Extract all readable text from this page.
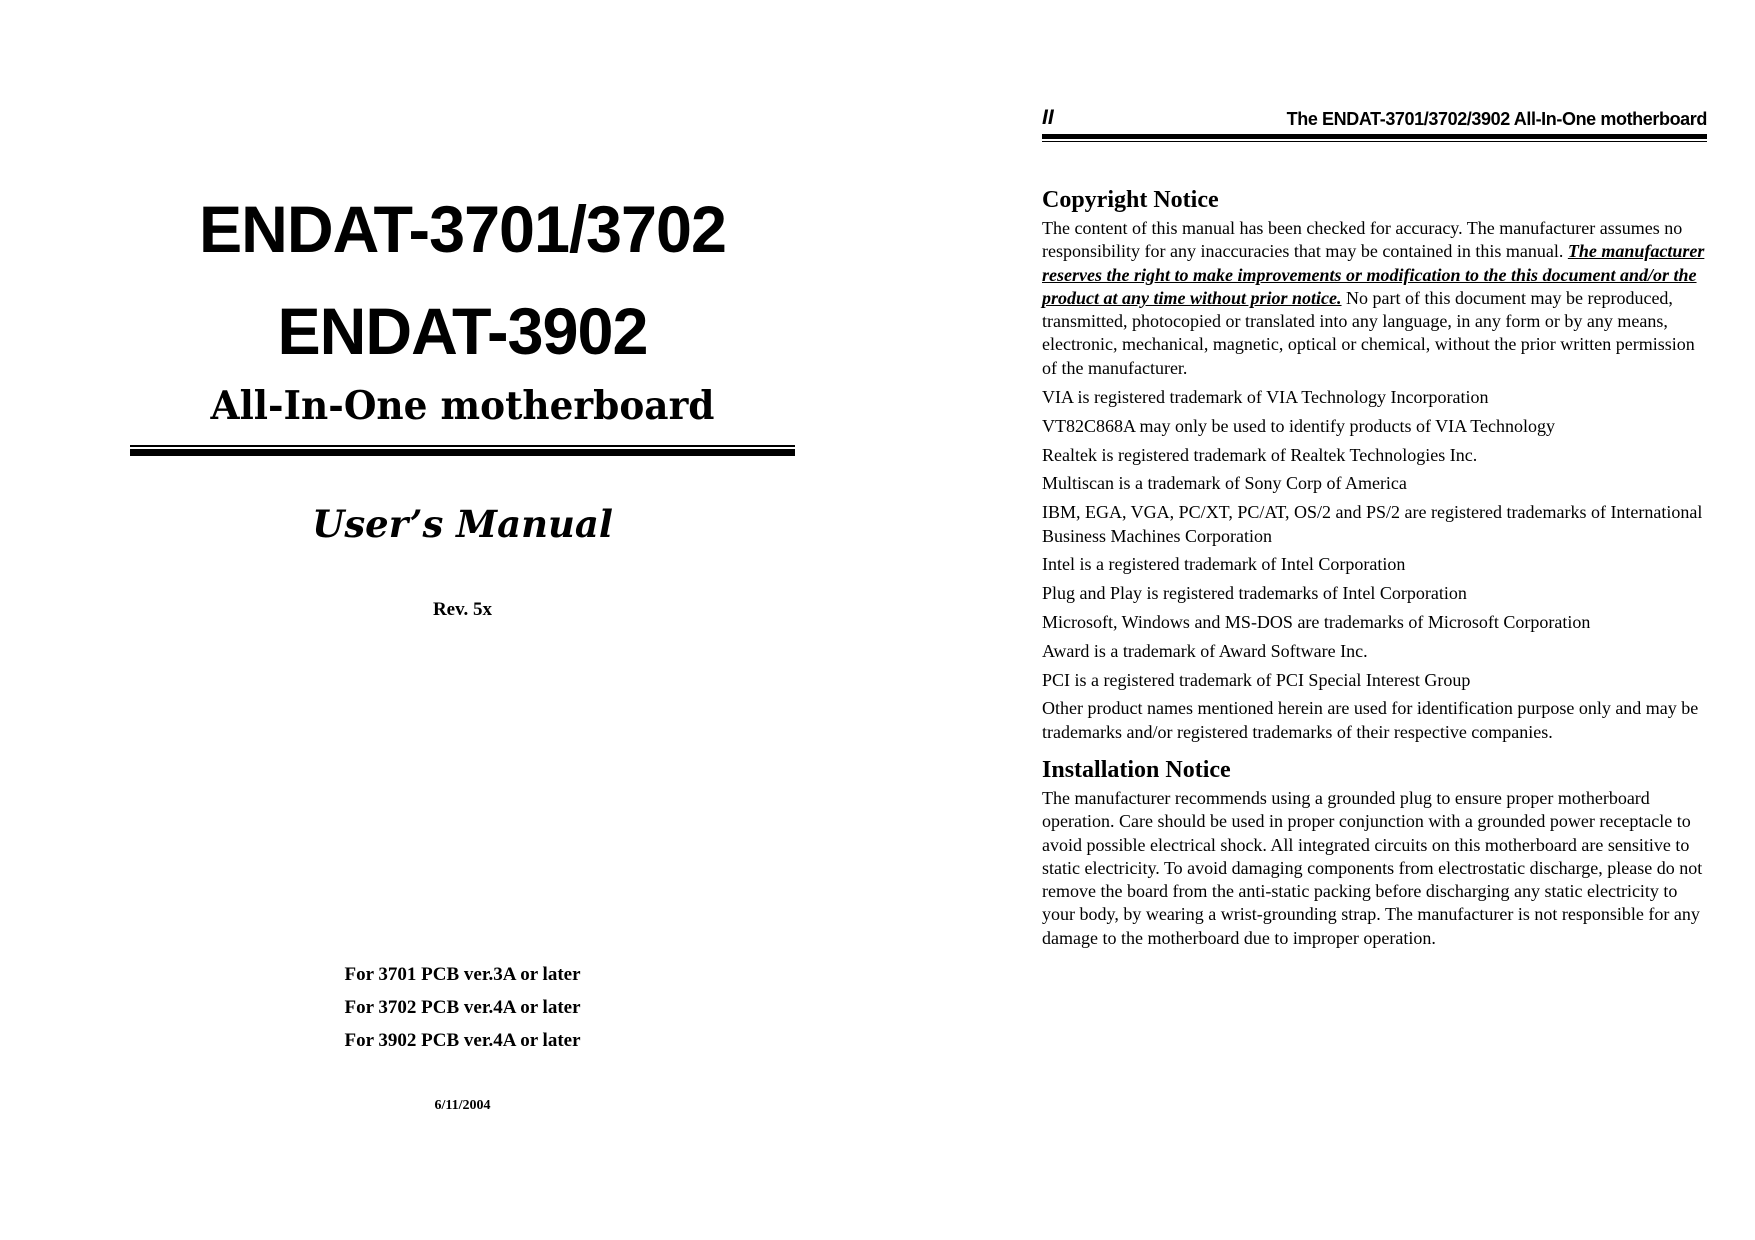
ENDAT-3701/3702
ENDAT-3902
All-In-One motherboard
User’s Manual
Rev. 5x
For 3701 PCB ver.3A or later
For 3702 PCB ver.4A or later
For 3902 PCB ver.4A or later
6/11/2004
II	The ENDAT-3701/3702/3902 All-In-One motherboard
Copyright Notice

The content of this manual has been checked for accuracy. The manufacturer assumes no responsibility for any inaccuracies that may be contained in this manual. The manufacturer reserves the right to make improvements or modification to the this document and/or the product at any time without prior notice. No part of this document may be reproduced, transmitted, photocopied or translated into any language, in any form or by any means, electronic, mechanical, magnetic, optical or chemical, without the prior written permission of the manufacturer.

VIA is registered trademark of VIA Technology Incorporation

VT82C868A may only be used to identify products of VIA Technology

Realtek is registered trademark of Realtek Technologies Inc.

Multiscan is a trademark of Sony Corp of America

IBM, EGA, VGA, PC/XT, PC/AT, OS/2 and PS/2 are registered trademarks of International Business Machines Corporation

Intel is a registered trademark of Intel Corporation

Plug and Play is registered trademarks of Intel Corporation

Microsoft, Windows and MS-DOS are trademarks of Microsoft Corporation

Award is a trademark of Award Software Inc.

PCI is a registered trademark of PCI Special Interest Group

Other product names mentioned herein are used for identification purpose only and may be trademarks and/or registered trademarks of their respective companies.

Installation Notice

The manufacturer recommends using a grounded plug to ensure proper motherboard operation. Care should be used in proper conjunction with a grounded power receptacle to avoid possible electrical shock. All integrated circuits on this motherboard are sensitive to static electricity. To avoid damaging components from electrostatic discharge, please do not remove the board from the anti-static packing before discharging any static electricity to your body, by wearing a wrist-grounding strap. The manufacturer is not responsible for any damage to the motherboard due to improper operation.
